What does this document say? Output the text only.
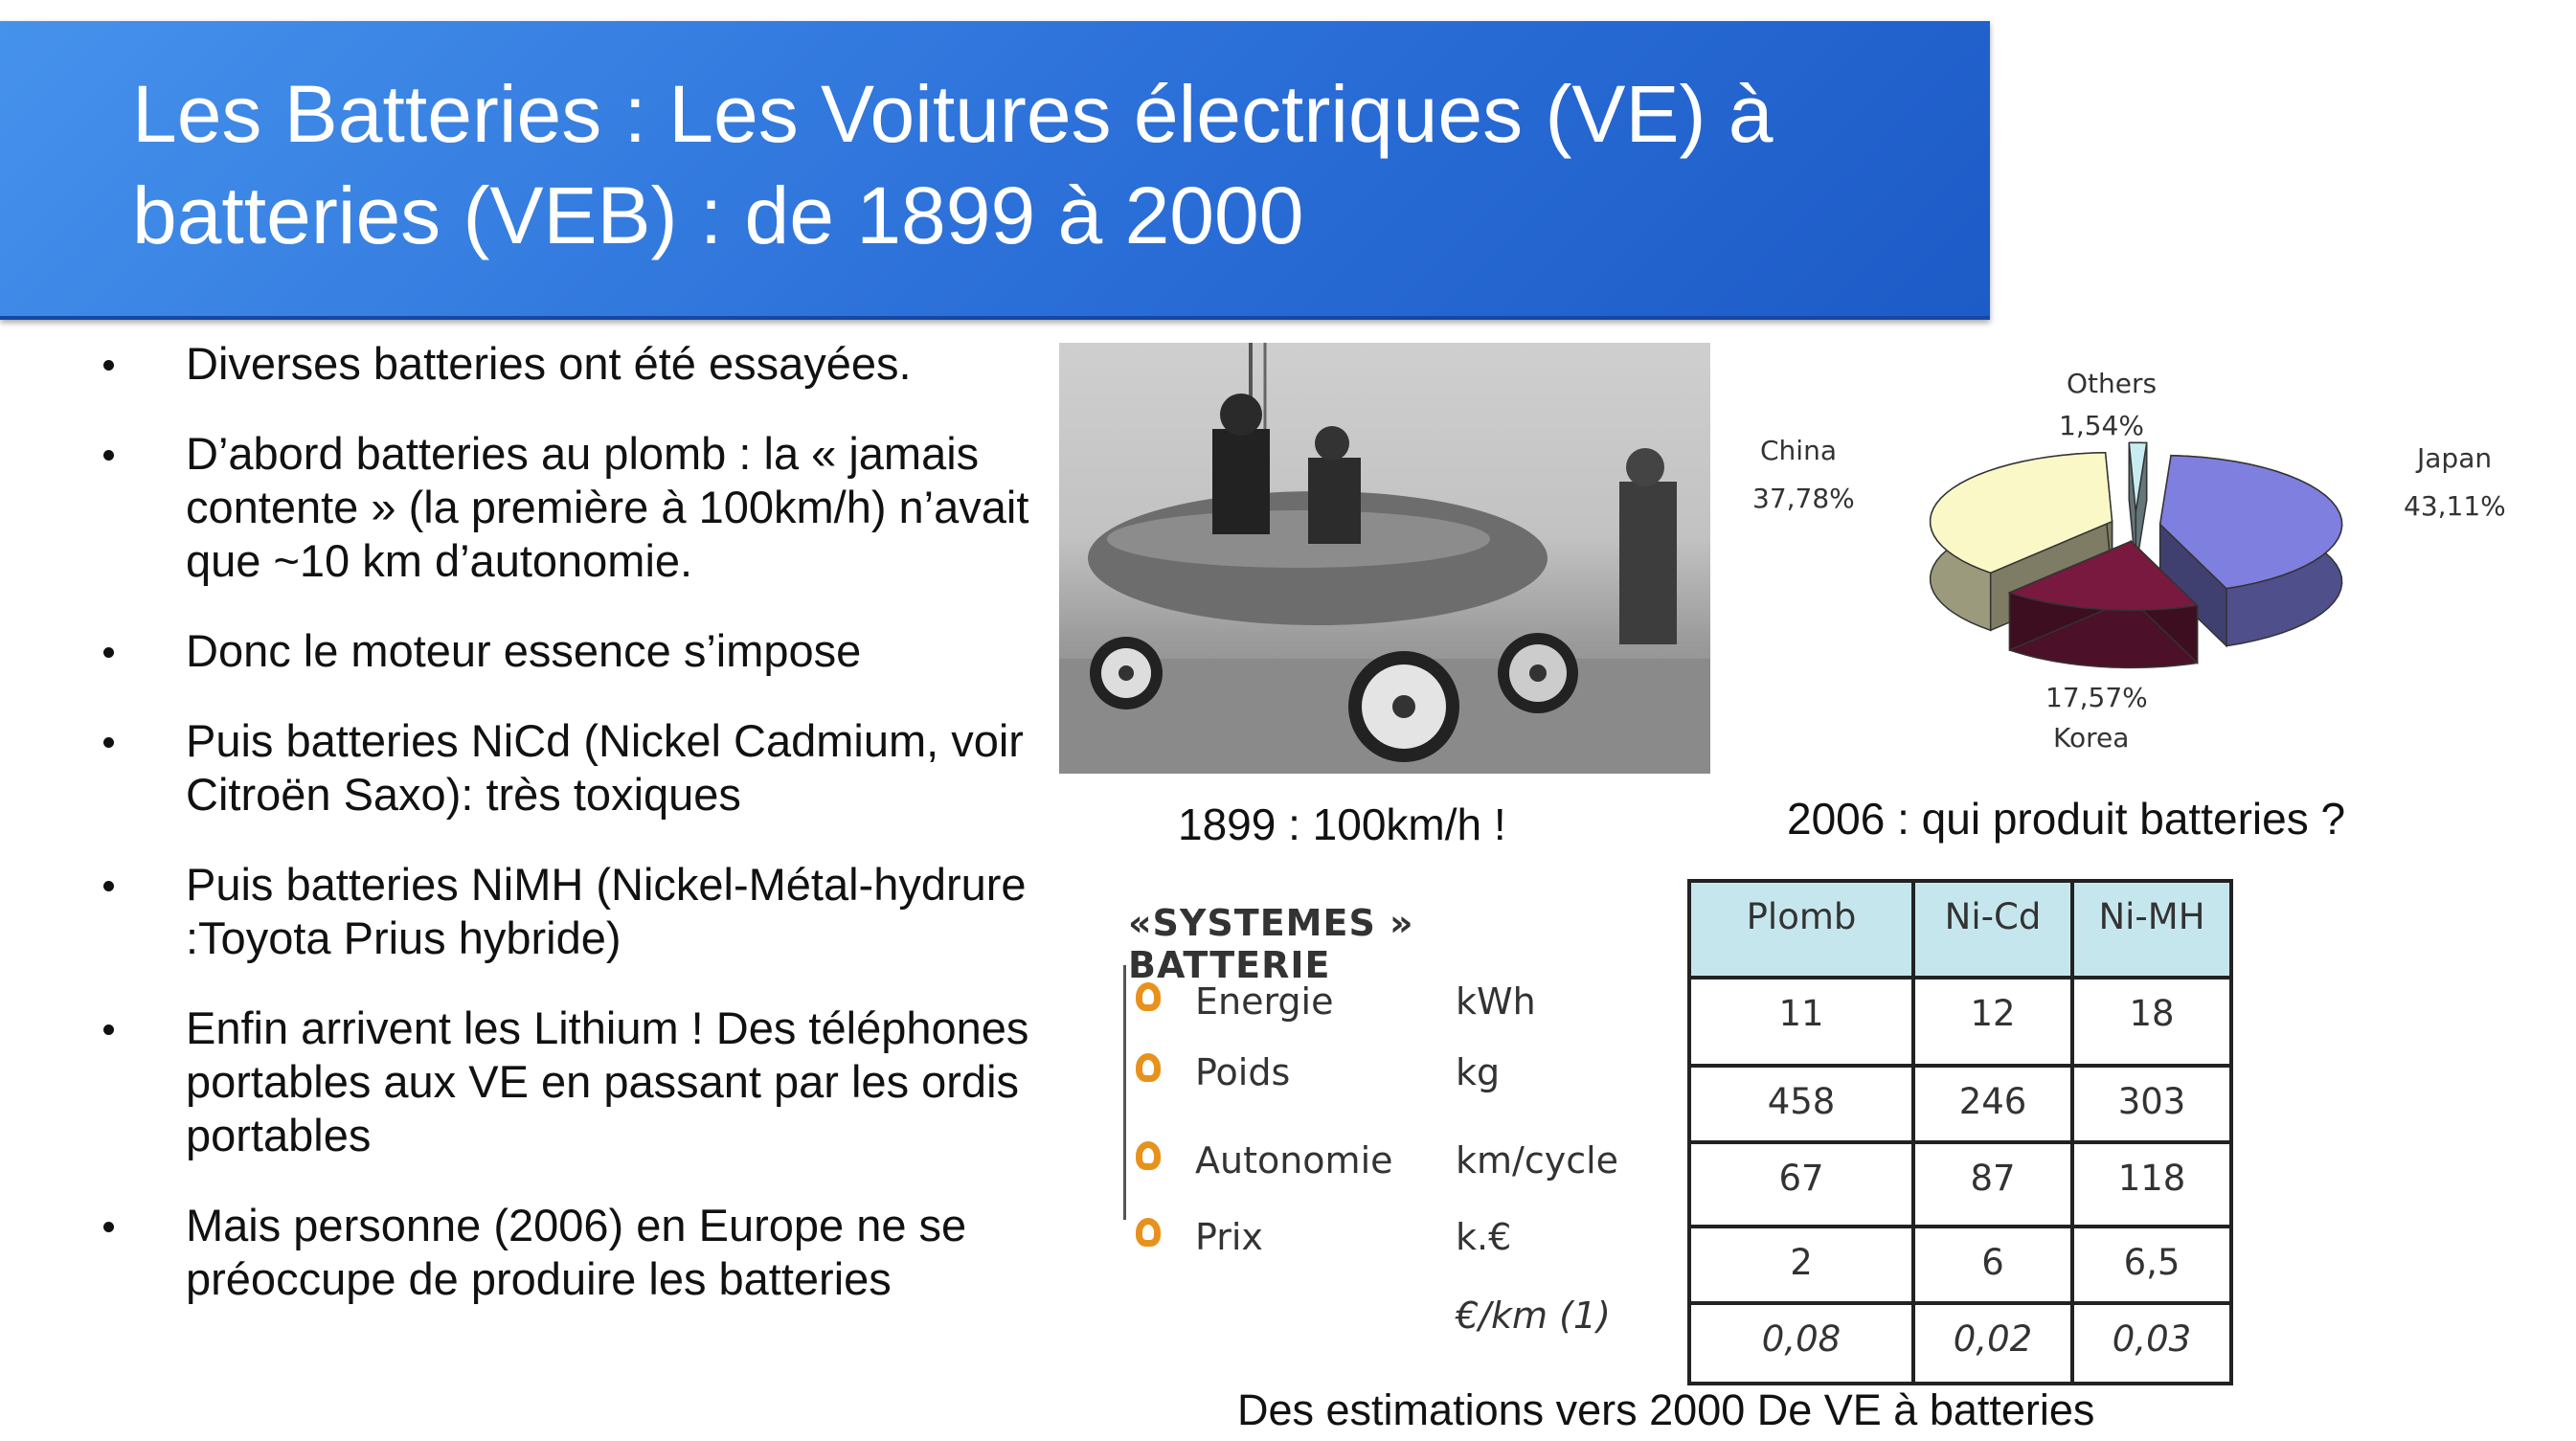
Les Batteries : Les Voitures électriques (VE) à batteries (VEB) : de 1899 à 2000
Diverses batteries ont été essayées.
D’abord batteries au plomb : la « jamais contente » (la première à 100km/h) n’avait que ~10 km d’autonomie.
Donc le moteur essence s’impose
Puis batteries NiCd (Nickel Cadmium, voir Citroën Saxo): très toxiques
Puis batteries NiMH (Nickel-Métal-hydrure :Toyota Prius hybride)
Enfin arrivent les Lithium ! Des téléphones portables aux VE en passant par les ordis portables
Mais personne (2006) en Europe ne se préoccupe de produire les batteries
1899 : 100km/h !
Others
1,54%
China
37,78%
Japan
43,11%
17,57%
Korea
2006 : qui produit batteries ?
«SYSTEMES » BATTERIE
Energie	kWh
Poids	kg
Autonomie km/cycle
Prix	k.€
€/km (1)
Plomb	Ni-Cd	Ni-MH
11	12	18
458	246	303
67	87	118
2	6	6,5
0,08	0,02	0,03
Des estimations vers 2000 De VE à batteries
